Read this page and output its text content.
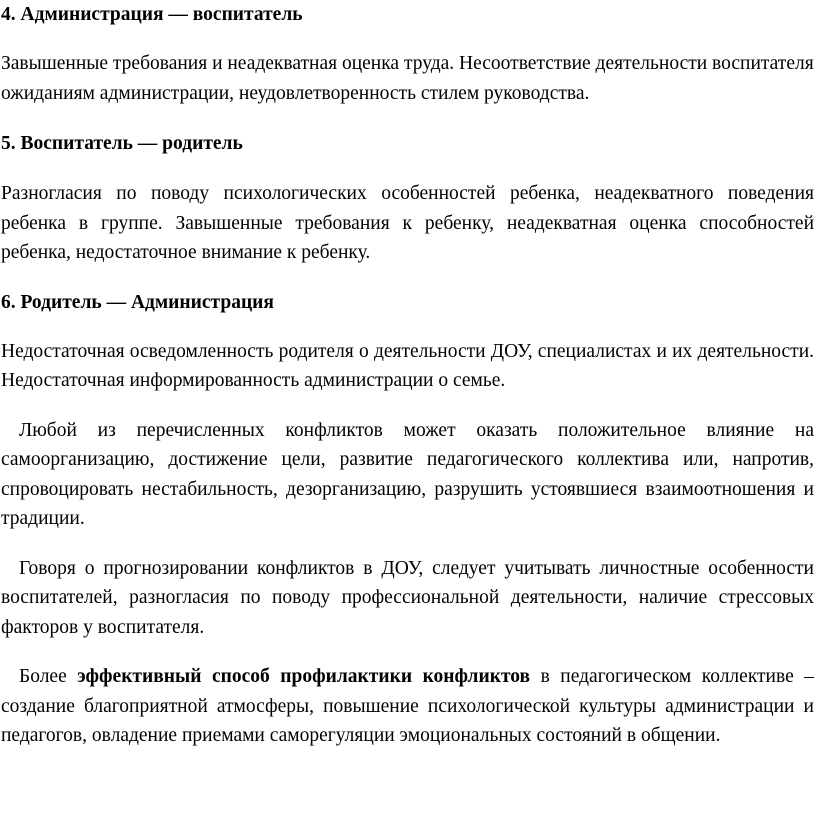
4. Администрация — воспитатель

Завышенные требования и неадекватная оценка труда. Несоответствие деятельности воспитателя ожиданиям администрации, неудовлетворенность стилем руководства.

5. Воспитатель — родитель

Разногласия по поводу психологических особенностей ребенка, неадекватного поведения ребенка в группе. Завышенные требования к ребенку, неадекватная оценка способностей ребенка, недостаточное внимание к ребенку.

6. Родитель — Администрация

Недостаточная осведомленность родителя о деятельности ДОУ, специалистах и их деятельности. Недостаточная информированность администрации о семье.

Любой из перечисленных конфликтов может оказать положительное влияние на самоорганизацию, достижение цели, развитие педагогического коллектива или, напротив, спровоцировать нестабильность, дезорганизацию, разрушить устоявшиеся взаимоотношения и традиции.

Говоря о прогнозировании конфликтов в ДОУ, следует учитывать личностные особенности воспитателей, разногласия по поводу профессиональной деятельности, наличие стрессовых факторов у воспитателя.

Более эффективный способ профилактики конфликтов в педагогическом коллективе – создание благоприятной атмосферы, повышение психологической культуры администрации и педагогов, овладение приемами саморегуляции эмоциональных состояний в общении.
